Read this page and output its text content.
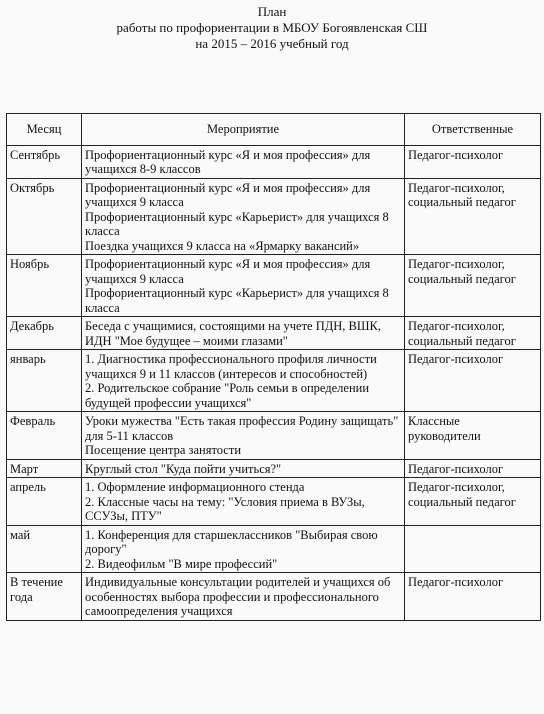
План
работы по профориентации в МБОУ Богоявленская СШ
на 2015 – 2016 учебный год
Месяц	Мероприятие	Ответственные
Сентябрь	Профориентационный курс «Я и моя профессия» для учащихся 8-9 классов	Педагог-психолог

Октябрь	Профориентационный курс «Я и моя профессия» для учащихся 9 класса
Профориентационный курс «Карьерист» для учащихся 8 класса
Поездка учащихся 9 класса на «Ярмарку вакансий»	Педагог-психолог,
социальный педагог

Ноябрь	Профориентационный курс «Я и моя профессия» для учащихся 9 класса
Профориентационный курс «Карьерист» для учащихся 8 класса	Педагог-психолог,
социальный педагог

Декабрь	Беседа с учащимися, состоящими на учете ПДН, ВШК, ИДН "Мое будущее – моими глазами"	Педагог-психолог,
социальный педагог

январь	1. Диагностика профессионального профиля личности учащихся 9 и 11 классов (интересов и способностей)
2. Родительское собрание "Роль семьи в определении будущей профессии учащихся"	Педагог-психолог

Февраль	Уроки мужества "Есть такая профессия Родину защищать" для 5-11 классов
Посещение центра занятости	Классные
руководители

Март	Круглый стол "Куда пойти учиться?"	Педагог-психолог

апрель	1. Оформление информационного стенда
2. Классные часы на тему: "Условия приема в ВУЗы, ССУЗы, ПТУ"	Педагог-психолог,
социальный педагог

май	1. Конференция для старшеклассников "Выбирая свою дорогу"
2. Видеофильм "В мире профессий"	

В течение года	Индивидуальные консультации родителей и учащихся об особенностях выбора профессии и профессионального самоопределения учащихся	Педагог-психолог
